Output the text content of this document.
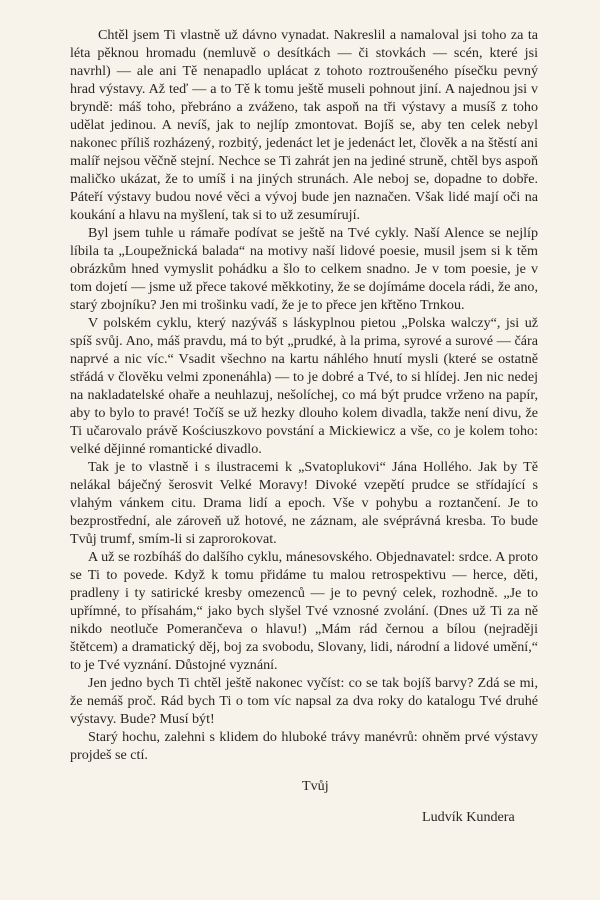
Chtěl jsem Ti vlastně už dávno vynadat. Nakreslil a namaloval jsi toho za ta léta pěknou hromadu (nemluvě o desítkách — či stovkách — scén, které jsi navrhl) — ale ani Tě nenapadlo uplácat z tohoto roztroušeného písečku pevný hrad výstavy. Až teď — a to Tě k tomu ještě museli pohnout jiní. A najednou jsi v bryndě: máš toho, přebráno a zváženo, tak aspoň na tři výstavy a musíš z toho udělat jedinou. A nevíš, jak to nejlíp zmontovat. Bojíš se, aby ten celek nebyl nakonec příliš rozházený, rozbitý, jedenáct let je jedenáct let, člověk a na štěstí ani malíř nejsou věčně stejní. Nechce se Ti zahrát jen na jediné struně, chtěl bys aspoň maličko ukázat, že to umíš i na jiných strunách. Ale neboj se, dopadne to dobře. Páteří výstavy budou nové věci a vývoj bude jen naznačen. Však lidé mají oči na koukání a hlavu na myšlení, tak si to už zesumírují.

Byl jsem tuhle u rámaře podívat se ještě na Tvé cykly. Naší Alence se nejlíp líbila ta „Loupežnická balada“ na motivy naší lidové poesie, musil jsem si k těm obrázkům hned vymyslit pohádku a šlo to celkem snadno. Je v tom poesie, je v tom dojetí — jsme už přece takové měkkotiny, že se dojímáme docela rádi, že ano, starý zbojníku? Jen mi trošinku vadí, že je to přece jen křtěno Trnkou.

V polském cyklu, který nazýváš s láskyplnou pietou „Polska walczy“, jsi už spíš svůj. Ano, máš pravdu, má to být „prudké, à la prima, syrové a surové — čára naprvé a nic víc.“ Vsadit všechno na kartu náhlého hnutí mysli (které se ostatně střádá v člověku velmi zponenáhla) — to je dobré a Tvé, to si hlídej. Jen nic nedej na nakladatelské ohaře a neuhlazuj, nešolíchej, co má být prudce vrženo na papír, aby to bylo to pravé! Točíš se už hezky dlouho kolem divadla, takže není divu, že Ti učarovalo právě Kościuszkovo povstání a Mickiewicz a vše, co je kolem toho: velké dějinné romantické divadlo.

Tak je to vlastně i s ilustracemi k „Svatoplukovi“ Jána Hollého. Jak by Tě nelákal báječný šerosvit Velké Moravy! Divoké vzepětí prudce se střídající s vlahým vánkem citu. Drama lidí a epoch. Vše v pohybu a roztančení. Je to bezprostřední, ale zároveň už hotové, ne záznam, ale svéprávná kresba. To bude Tvůj trumf, smím-li si zaprorokovat.

A už se rozbíháš do dalšího cyklu, mánesovského. Objednavatel: srdce. A proto se Ti to povede. Když k tomu přidáme tu malou retrospektivu — herce, děti, pradleny i ty satirické kresby omezenců — je to pevný celek, rozhodně. „Je to upřímné, to přísahám,“ jako bych slyšel Tvé vznosné zvolání. (Dnes už Ti za ně nikdo neotluče Pomerančeva o hlavu!) „Mám rád černou a bílou (nejraději štětcem) a dramatický děj, boj za svobodu, Slovany, lidi, národní a lidové umění,“ to je Tvé vyznání. Důstojné vyznání.

Jen jedno bych Ti chtěl ještě nakonec vyčíst: co se tak bojíš barvy? Zdá se mi, že nemáš proč. Rád bych Ti o tom víc napsal za dva roky do katalogu Tvé druhé výstavy. Bude? Musí být!

Starý hochu, zalehni s klidem do hluboké trávy manévrů: ohněm prvé výstavy projdeš se ctí.

Tvůj
Ludvík Kundera
